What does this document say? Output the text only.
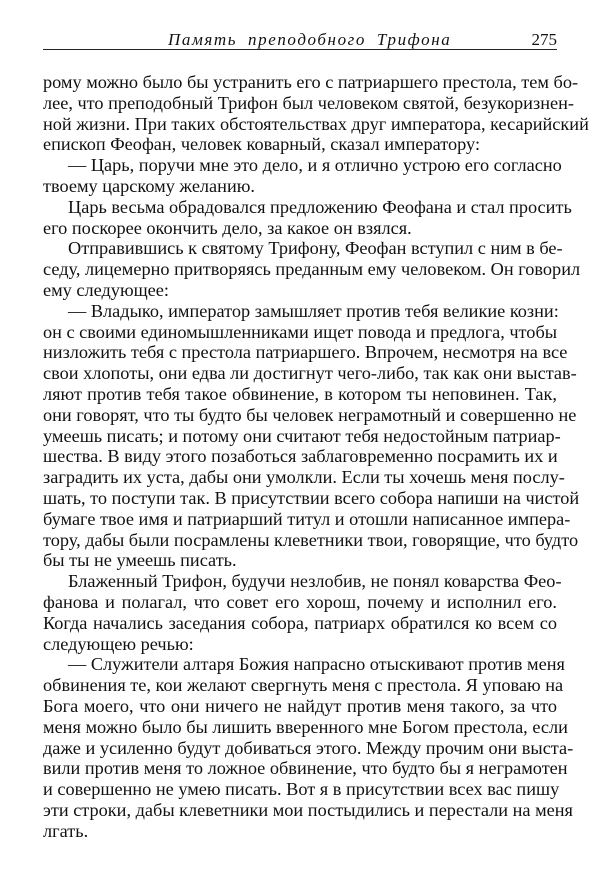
Память преподобного Трифона	275
рому можно было бы устранить его с патриаршего престола, тем бо-
лее, что преподобный Трифон был человеком святой, безукоризнен-
ной жизни. При таких обстоятельствах друг императора, кесарийский
епископ Феофан, человек коварный, сказал императору:
— Царь, поручи мне это дело, и я отлично устрою его согласно
твоему царскому желанию.
Царь весьма обрадовался предложению Феофана и стал просить
его поскорее окончить дело, за какое он взялся.
Отправившись к святому Трифону, Феофан вступил с ним в бе-
седу, лицемерно притворяясь преданным ему человеком. Он говорил
ему следующее:
— Владыко, император замышляет против тебя великие козни:
он с своими единомышленниками ищет повода и предлога, чтобы
низложить тебя с престола патриаршего. Впрочем, несмотря на все
свои хлопоты, они едва ли достигнут чего-либо, так как они выстав-
ляют против тебя такое обвинение, в котором ты неповинен. Так,
они говорят, что ты будто бы человек неграмотный и совершенно не
умеешь писать; и потому они считают тебя недостойным патриар-
шества. В виду этого позаботься заблаговременно посрамить их и
заградить их уста, дабы они умолкли. Если ты хочешь меня послу-
шать, то поступи так. В присутствии всего собора напиши на чистой
бумаге твое имя и патриарший титул и отошли написанное импера-
тору, дабы были посрамлены клеветники твои, говорящие, что будто
бы ты не умеешь писать.
Блаженный Трифон, будучи незлобив, не понял коварства Фео-
фанова и полагал, что совет его хорош, почему и исполнил его.
Когда начались заседания собора, патриарх обратился ко всем со
следующею речью:
— Служители алтаря Божия напрасно отыскивают против меня
обвинения те, кои желают свергнуть меня с престола. Я уповаю на
Бога моего, что они ничего не найдут против меня такого, за что
меня можно было бы лишить вверенного мне Богом престола, если
даже и усиленно будут добиваться этого. Между прочим они выста-
вили против меня то ложное обвинение, что будто бы я неграмотен
и совершенно не умею писать. Вот я в присутствии всех вас пишу
эти строки, дабы клеветники мои постыдились и перестали на меня
лгать.
